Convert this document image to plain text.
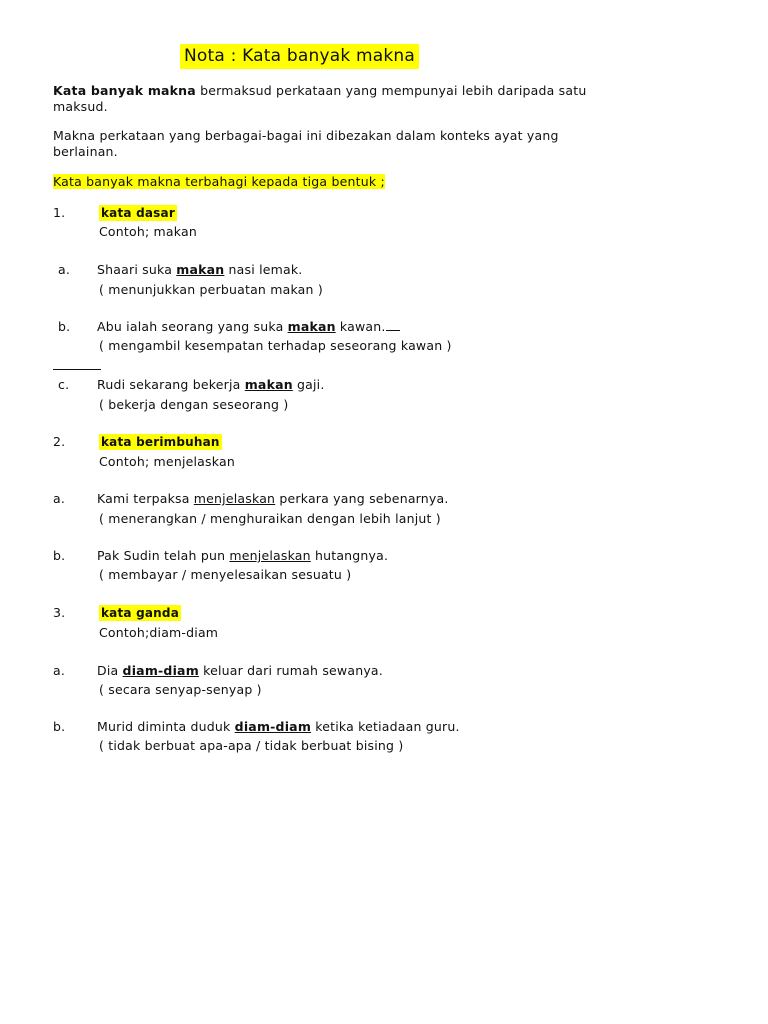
Nota : Kata banyak makna
Kata banyak makna bermaksud perkataan yang mempunyai lebih daripada satu maksud.
Makna perkataan yang berbagai-bagai ini dibezakan dalam konteks ayat yang berlainan.
Kata banyak makna terbahagi kepada tiga bentuk ;
1.	kata dasar
Contoh; makan
a. Shaari suka makan nasi lemak.
( menunjukkan perbuatan makan )
b. Abu ialah seorang yang suka makan kawan.
( mengambil kesempatan terhadap seseorang kawan )
c. Rudi sekarang bekerja makan gaji.
( bekerja dengan seseorang )
2.	kata berimbuhan
Contoh; menjelaskan
a.	Kami terpaksa menjelaskan perkara yang sebenarnya.
( menerangkan / menghuraikan dengan lebih lanjut )
b.	Pak Sudin telah pun menjelaskan hutangnya.
( membayar / menyelesaikan sesuatu )
3.	kata ganda
Contoh;diam-diam
a.	Dia diam-diam keluar dari rumah sewanya.
( secara senyap-senyap )
b.	Murid diminta duduk diam-diam ketika ketiadaan guru.
( tidak berbuat apa-apa / tidak berbuat bising )
